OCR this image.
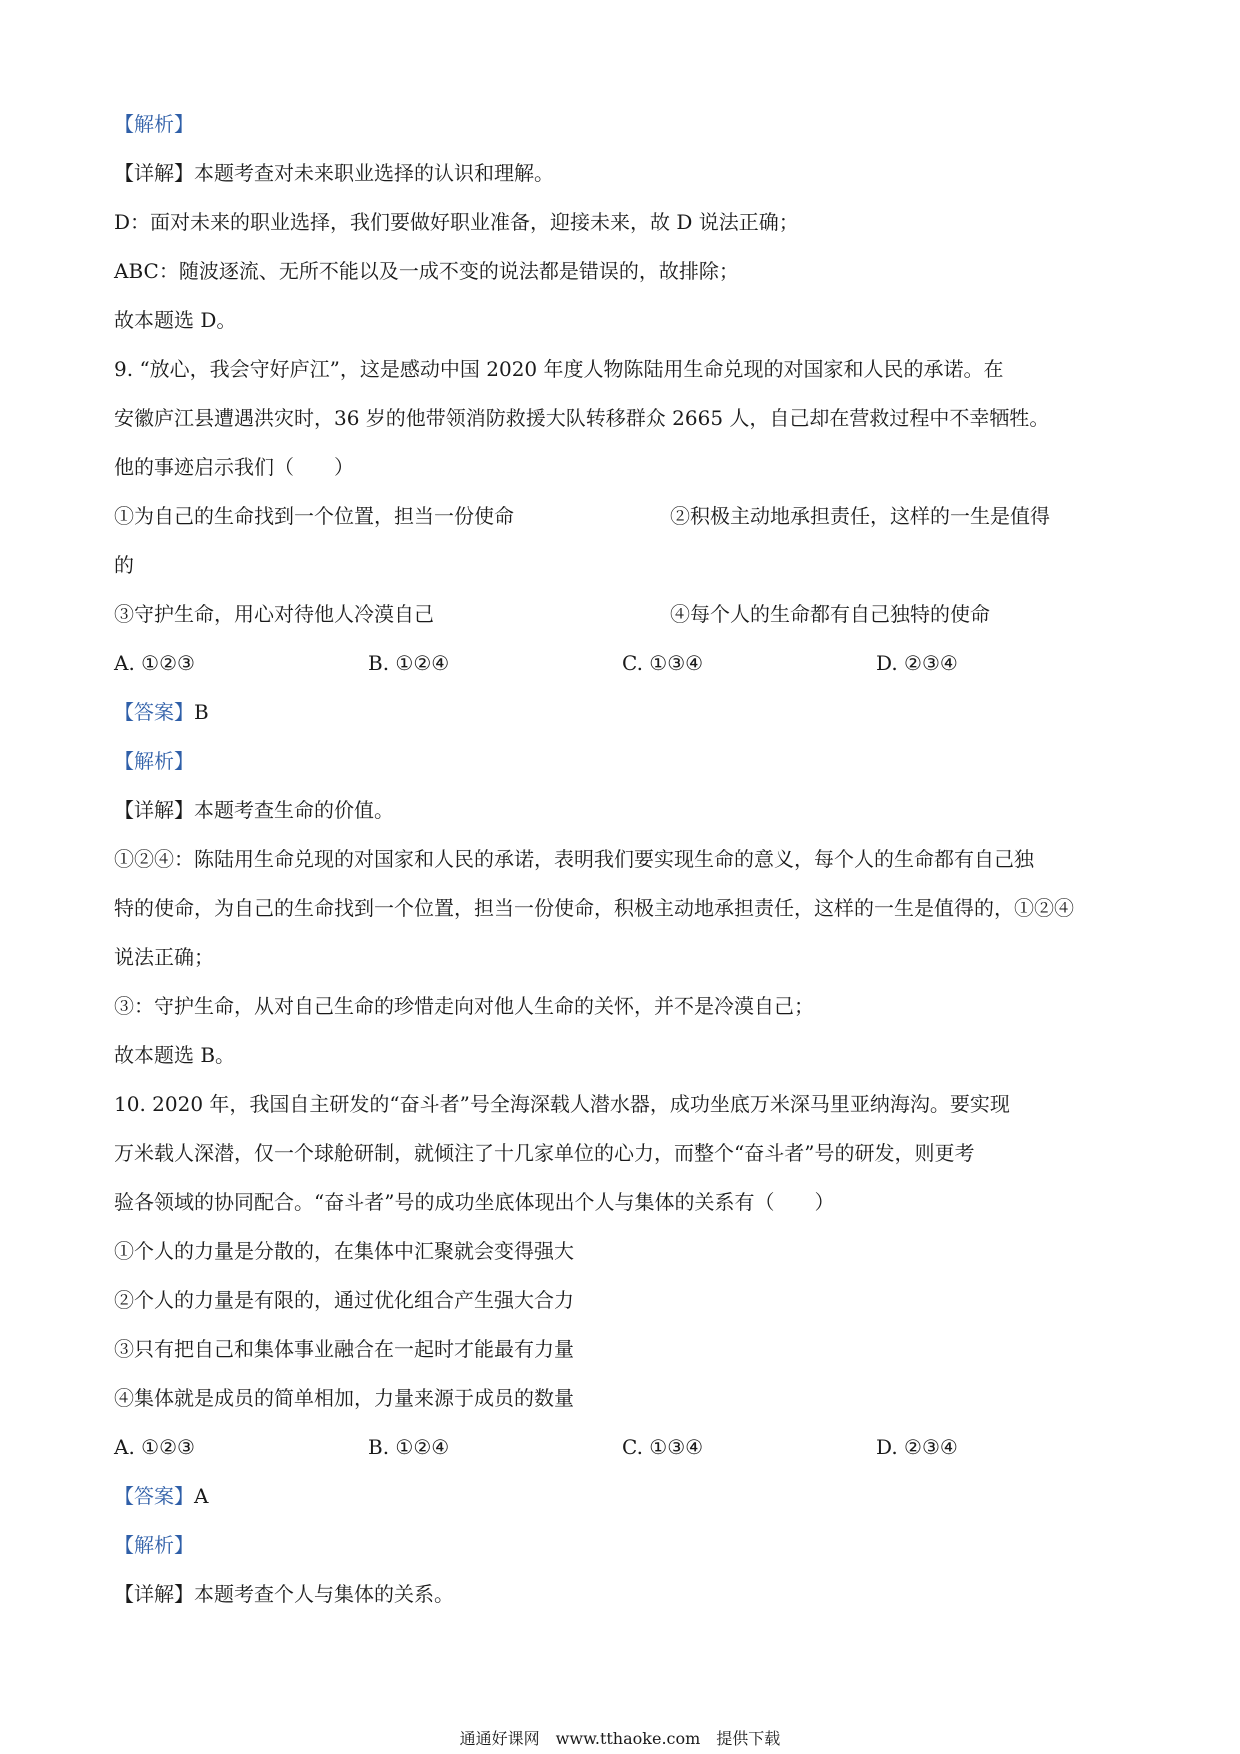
【解析】
【详解】本题考查对未来职业选择的认识和理解。
D：面对未来的职业选择，我们要做好职业准备，迎接未来，故 D 说法正确；
ABC：随波逐流、无所不能以及一成不变的说法都是错误的，故排除；
故本题选 D。
9. “放心，我会守好庐江”，这是感动中国 2020 年度人物陈陆用生命兑现的对国家和人民的承诺。在
安徽庐江县遭遇洪灾时，36 岁的他带领消防救援大队转移群众 2665 人，自己却在营救过程中不幸牺牲。
他的事迹启示我们（　　）
①为自己的生命找到一个位置，担当一份使命	②积极主动地承担责任，这样的一生是值得
的
③守护生命，用心对待他人冷漠自己	④每个人的生命都有自己独特的使命
A. ①②③	B. ①②④	C. ①③④	D. ②③④
【答案】B
【解析】
【详解】本题考查生命的价值。
①②④：陈陆用生命兑现的对国家和人民的承诺，表明我们要实现生命的意义，每个人的生命都有自己独
特的使命，为自己的生命找到一个位置，担当一份使命，积极主动地承担责任，这样的一生是值得的，①②④
说法正确；
③：守护生命，从对自己生命的珍惜走向对他人生命的关怀，并不是冷漠自己；
故本题选 B。
10. 2020 年，我国自主研发的“奋斗者”号全海深载人潜水器，成功坐底万米深马里亚纳海沟。要实现
万米载人深潜，仅一个球舱研制，就倾注了十几家单位的心力，而整个“奋斗者”号的研发，则更考
验各领域的协同配合。“奋斗者”号的成功坐底体现出个人与集体的关系有（　　）
①个人的力量是分散的，在集体中汇聚就会变得强大
②个人的力量是有限的，通过优化组合产生强大合力
③只有把自己和集体事业融合在一起时才能最有力量
④集体就是成员的简单相加，力量来源于成员的数量
A. ①②③	B. ①②④	C. ①③④	D. ②③④
【答案】A
【解析】
【详解】本题考查个人与集体的关系。
通通好课网　www.tthaoke.com　提供下载
